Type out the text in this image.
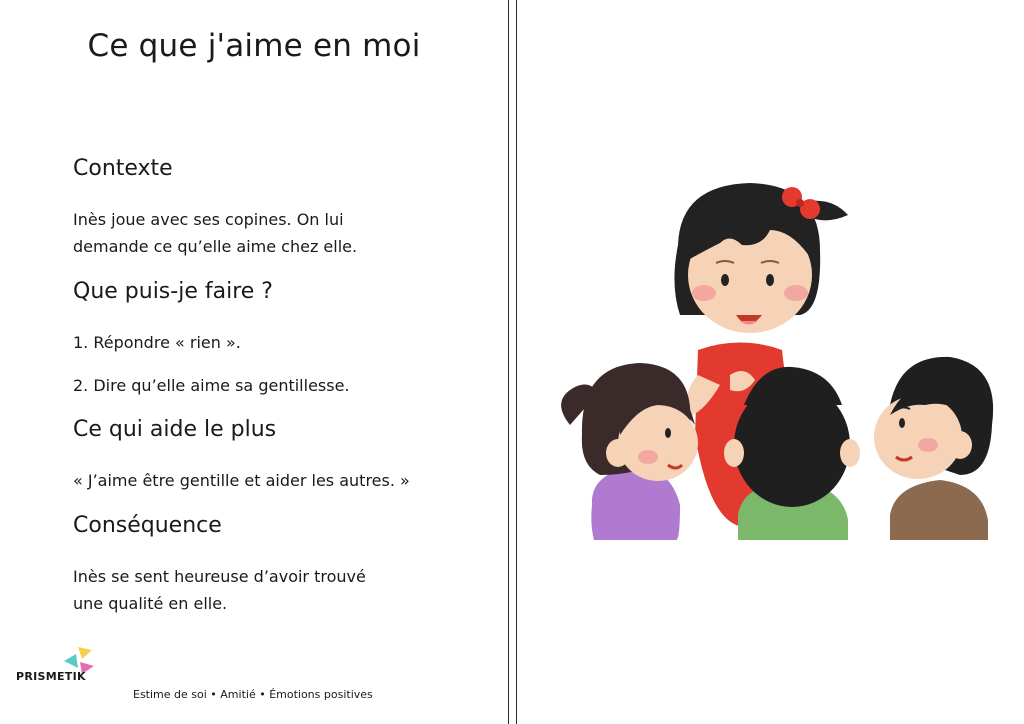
Ce que j'aime en moi
Contexte

Inès joue avec ses copines. On lui demande ce qu’elle aime chez elle.

Que puis-je faire ?

1. Répondre « rien ».

2. Dire qu’elle aime sa gentillesse.

Ce qui aide le plus

« J’aime être gentille et aider les autres. »

Conséquence

Inès se sent heureuse d’avoir trouvé une qualité en elle.

PRISMETIK
Estime de soi • Amitié • Émotions positives
